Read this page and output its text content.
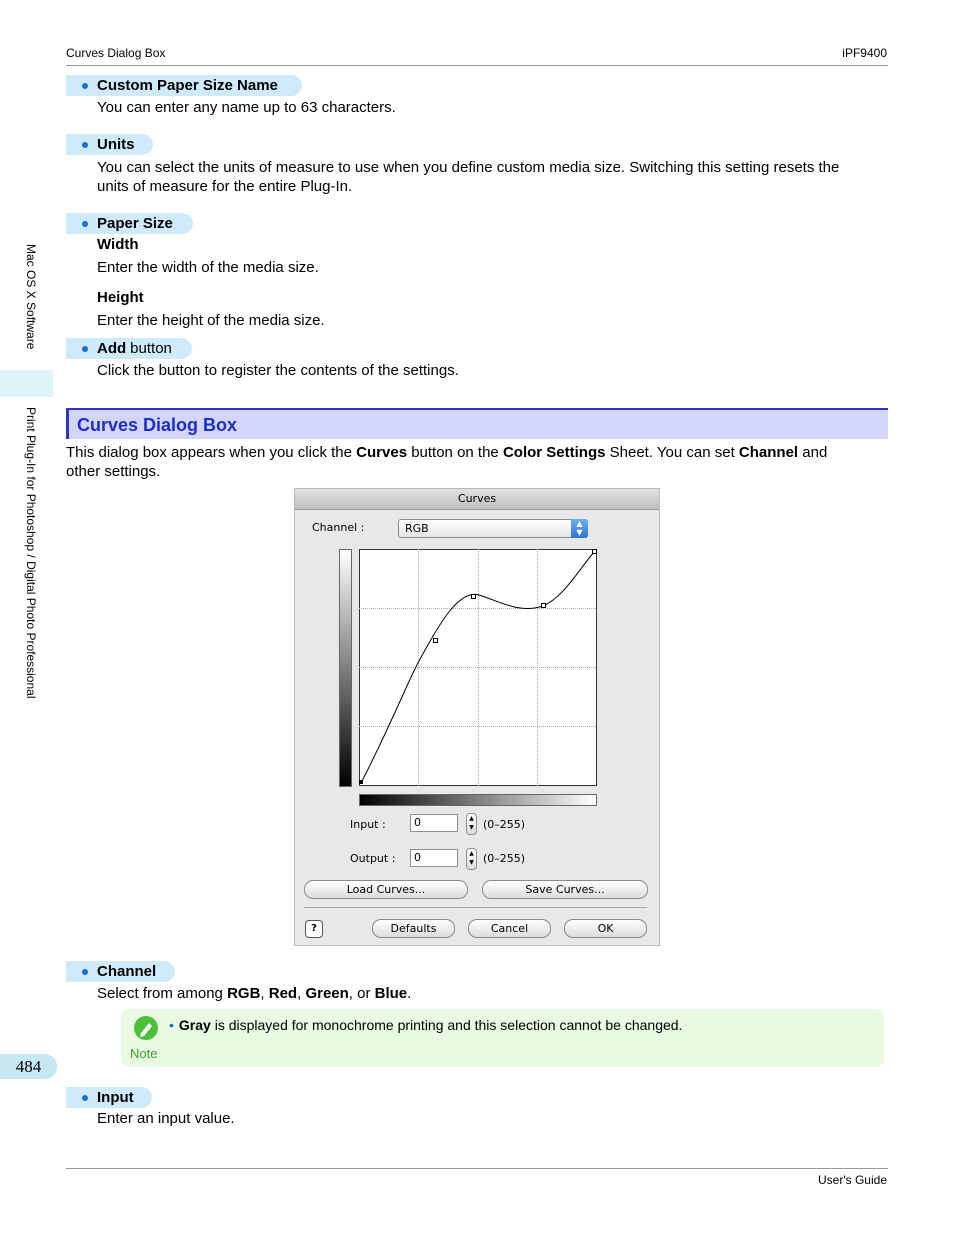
Curves Dialog Box	iPF9400
Mac OS X Software
Print Plug-In for Photoshop / Digital Photo Professional
484
User's Guide
Custom Paper Size Name
You can enter any name up to 63 characters.
Units
You can select the units of measure to use when you define custom media size. Switching this setting resets the
units of measure for the entire Plug-In.
Paper Size
Width
Enter the width of the media size.
Height
Enter the height of the media size.
Add button
Click the button to register the contents of the settings.
Curves Dialog Box
This dialog box appears when you click the Curves button on the Color Settings Sheet. You can set Channel and
other settings.
Curves
Channel :	RGB	▲
▼
Input :	0	▲
▼ (0–255)
Output :	0	▲
▼ (0–255)
Load Curves...	Save Curves...
?	Defaults	Cancel	OK
Channel
Select from among RGB, Red, Green, or Blue.
Note
• Gray is displayed for monochrome printing and this selection cannot be changed.
Input
Enter an input value.
